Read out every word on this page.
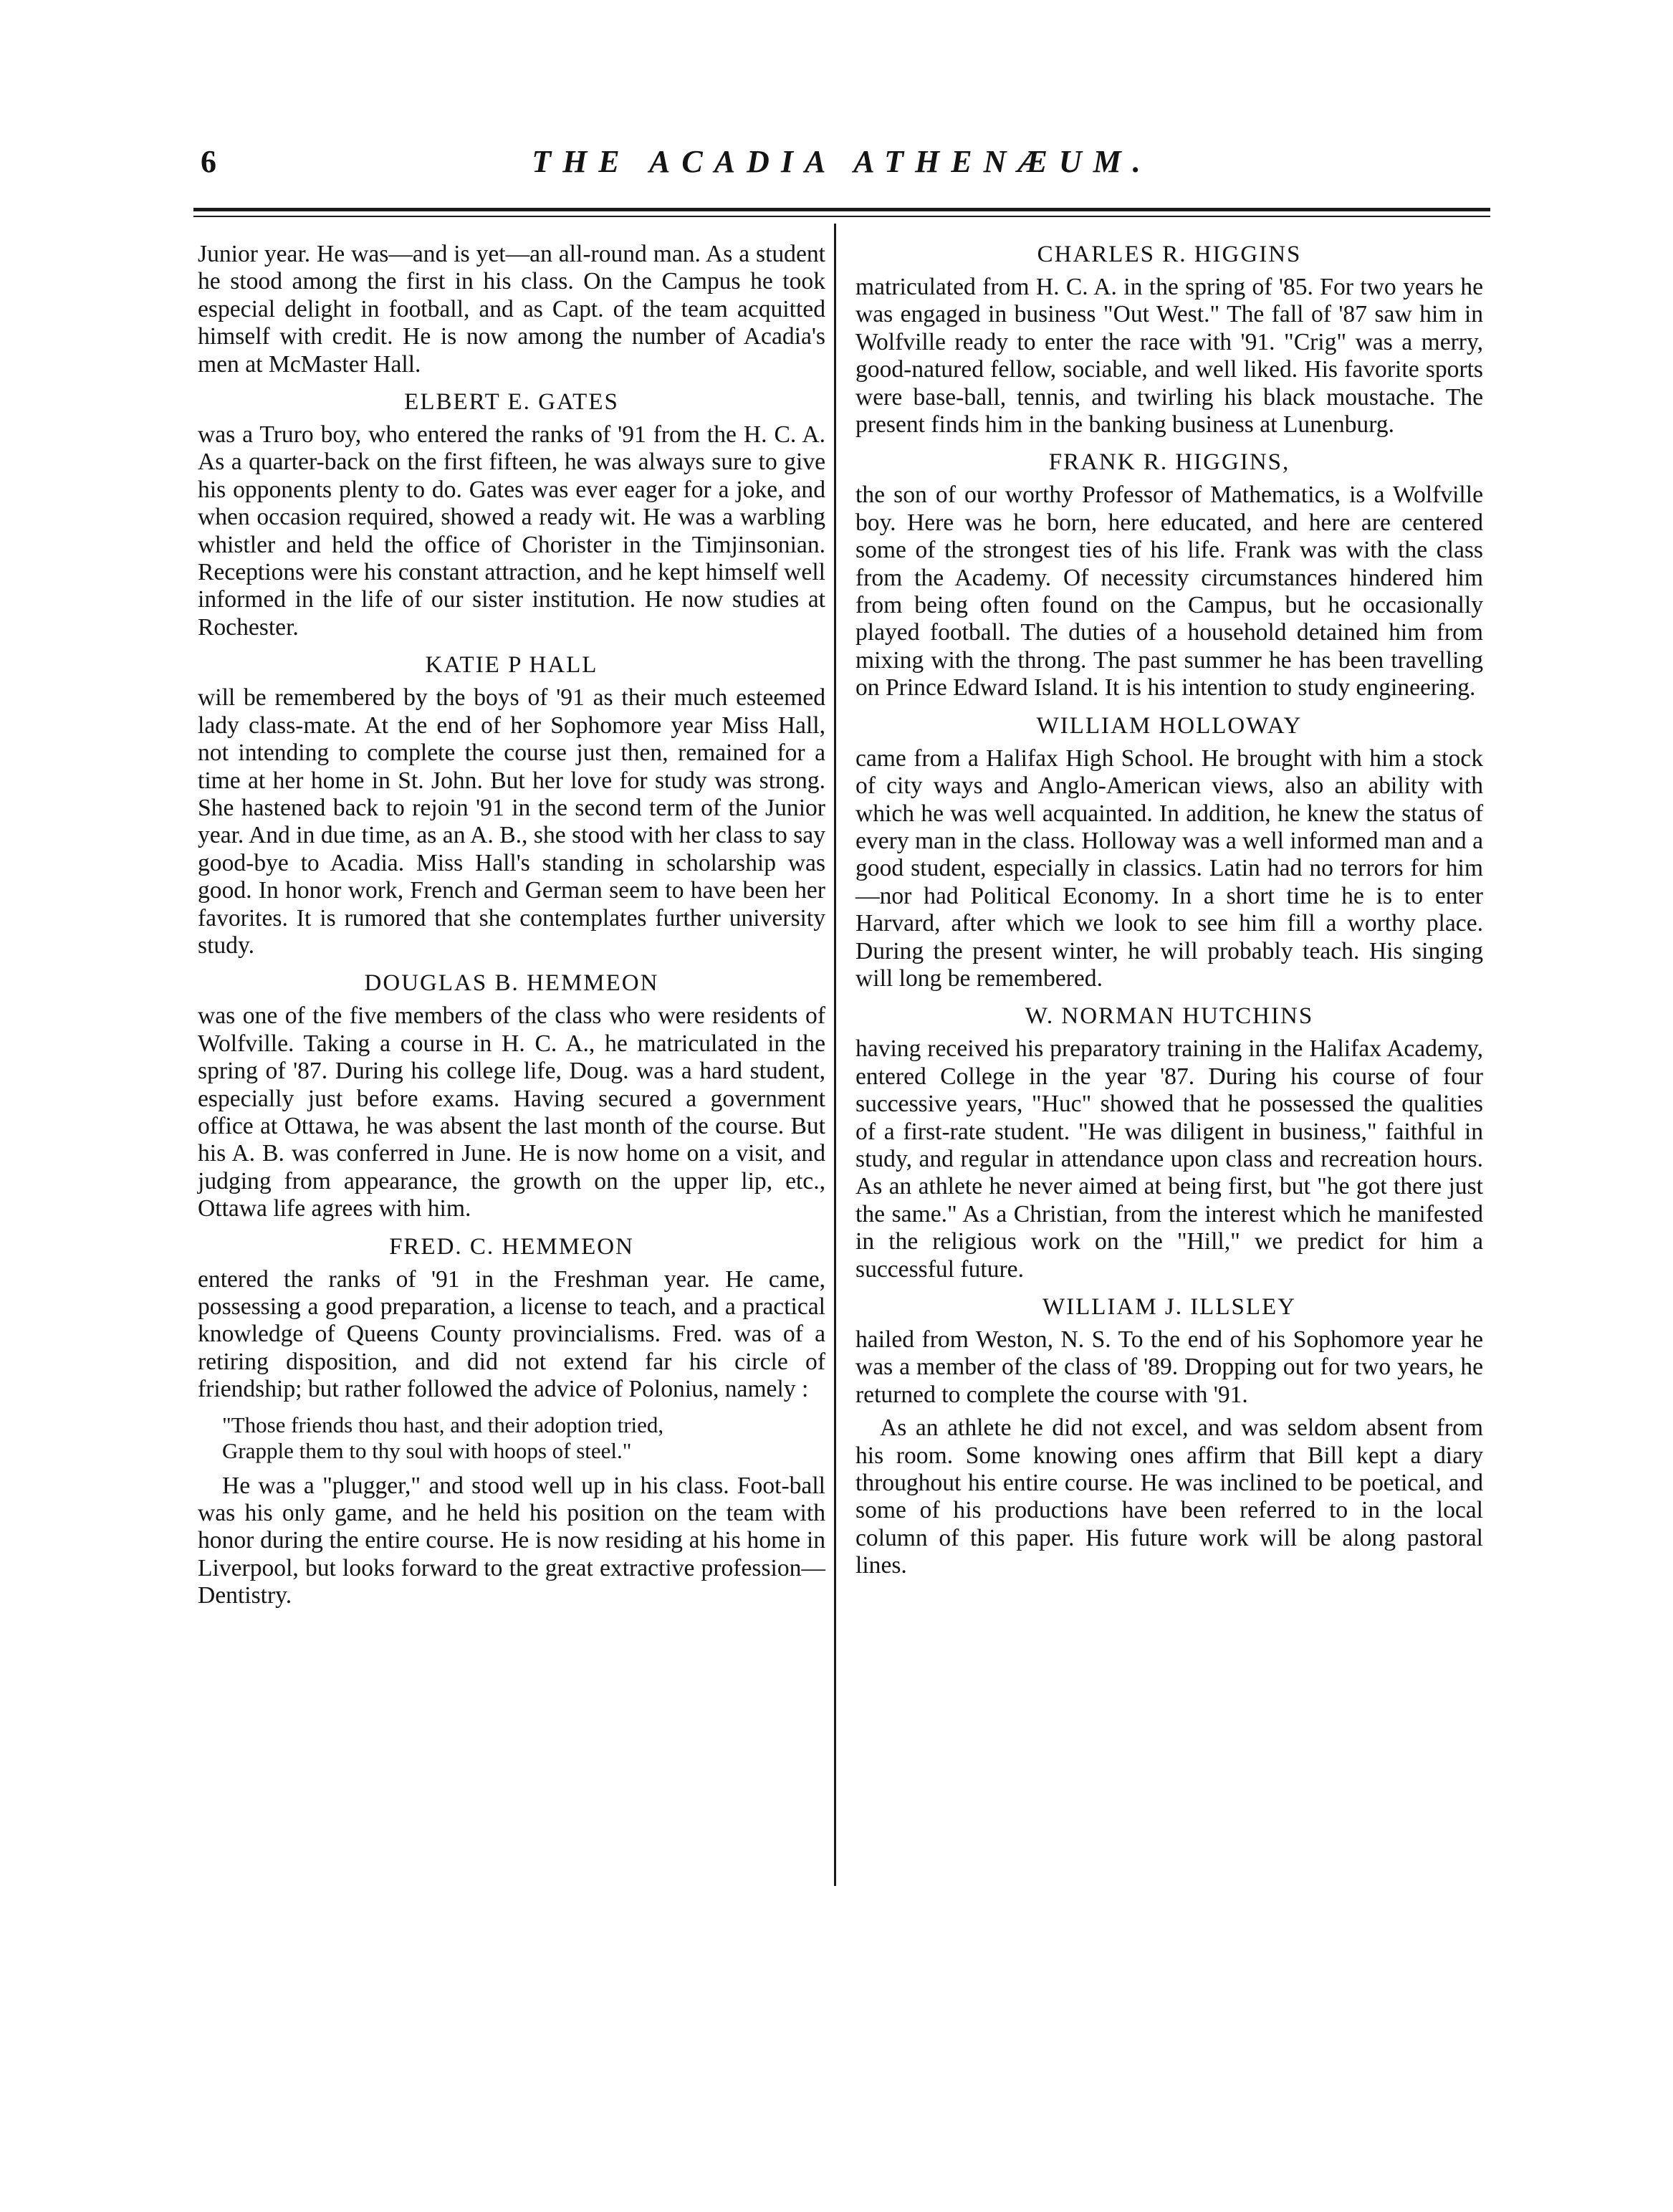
6	THE ACADIA ATHENÆUM.

Junior year. He was—and is yet—an all-round man. As a student he stood among the first in his class. On the Campus he took especial delight in football, and as Capt. of the team acquitted himself with credit. He is now among the number of Acadia's men at McMaster Hall.

ELBERT E. GATES

was a Truro boy, who entered the ranks of '91 from the H. C. A. As a quarter-back on the first fifteen, he was always sure to give his opponents plenty to do. Gates was ever eager for a joke, and when occasion required, showed a ready wit. He was a warbling whistler and held the office of Chorister in the Timjinsonian. Receptions were his constant attraction, and he kept himself well informed in the life of our sister institution. He now studies at Rochester.

KATIE P HALL

will be remembered by the boys of '91 as their much esteemed lady class-mate. At the end of her Sophomore year Miss Hall, not intending to complete the course just then, remained for a time at her home in St. John. But her love for study was strong. She hastened back to rejoin '91 in the second term of the Junior year. And in due time, as an A. B., she stood with her class to say good-bye to Acadia. Miss Hall's standing in scholarship was good. In honor work, French and German seem to have been her favorites. It is rumored that she contemplates further university study.

DOUGLAS B. HEMMEON

was one of the five members of the class who were residents of Wolfville. Taking a course in H. C. A., he matriculated in the spring of '87. During his college life, Doug. was a hard student, especially just before exams. Having secured a government office at Ottawa, he was absent the last month of the course. But his A. B. was conferred in June. He is now home on a visit, and judging from appearance, the growth on the upper lip, etc., Ottawa life agrees with him.

FRED. C. HEMMEON

entered the ranks of '91 in the Freshman year. He came, possessing a good preparation, a license to teach, and a practical knowledge of Queens County provincialisms. Fred. was of a retiring disposition, and did not extend far his circle of friendship; but rather followed the advice of Polonius, namely :

"Those friends thou hast, and their adoption tried,
Grapple them to thy soul with hoops of steel."

He was a "plugger," and stood well up in his class. Foot-ball was his only game, and he held his position on the team with honor during the entire course. He is now residing at his home in Liverpool, but looks forward to the great extractive profession—Dentistry.

CHARLES R. HIGGINS

matriculated from H. C. A. in the spring of '85. For two years he was engaged in business "Out West." The fall of '87 saw him in Wolfville ready to enter the race with '91. "Crig" was a merry, good-natured fellow, sociable, and well liked. His favorite sports were base-ball, tennis, and twirling his black moustache. The present finds him in the banking business at Lunenburg.

FRANK R. HIGGINS,

the son of our worthy Professor of Mathematics, is a Wolfville boy. Here was he born, here educated, and here are centered some of the strongest ties of his life. Frank was with the class from the Academy. Of necessity circumstances hindered him from being often found on the Campus, but he occasionally played football. The duties of a household detained him from mixing with the throng. The past summer he has been travelling on Prince Edward Island. It is his intention to study engineering.

WILLIAM HOLLOWAY

came from a Halifax High School. He brought with him a stock of city ways and Anglo-American views, also an ability with which he was well acquainted. In addition, he knew the status of every man in the class. Holloway was a well informed man and a good student, especially in classics. Latin had no terrors for him—nor had Political Economy. In a short time he is to enter Harvard, after which we look to see him fill a worthy place. During the present winter, he will probably teach. His singing will long be remembered.

W. NORMAN HUTCHINS

having received his preparatory training in the Halifax Academy, entered College in the year '87. During his course of four successive years, "Huc" showed that he possessed the qualities of a first-rate student. "He was diligent in business," faithful in study, and regular in attendance upon class and recreation hours. As an athlete he never aimed at being first, but "he got there just the same." As a Christian, from the interest which he manifested in the religious work on the "Hill," we predict for him a successful future.

WILLIAM J. ILLSLEY

hailed from Weston, N. S. To the end of his Sophomore year he was a member of the class of '89. Dropping out for two years, he returned to complete the course with '91.

As an athlete he did not excel, and was seldom absent from his room. Some knowing ones affirm that Bill kept a diary throughout his entire course. He was inclined to be poetical, and some of his productions have been referred to in the local column of this paper. His future work will be along pastoral lines.
